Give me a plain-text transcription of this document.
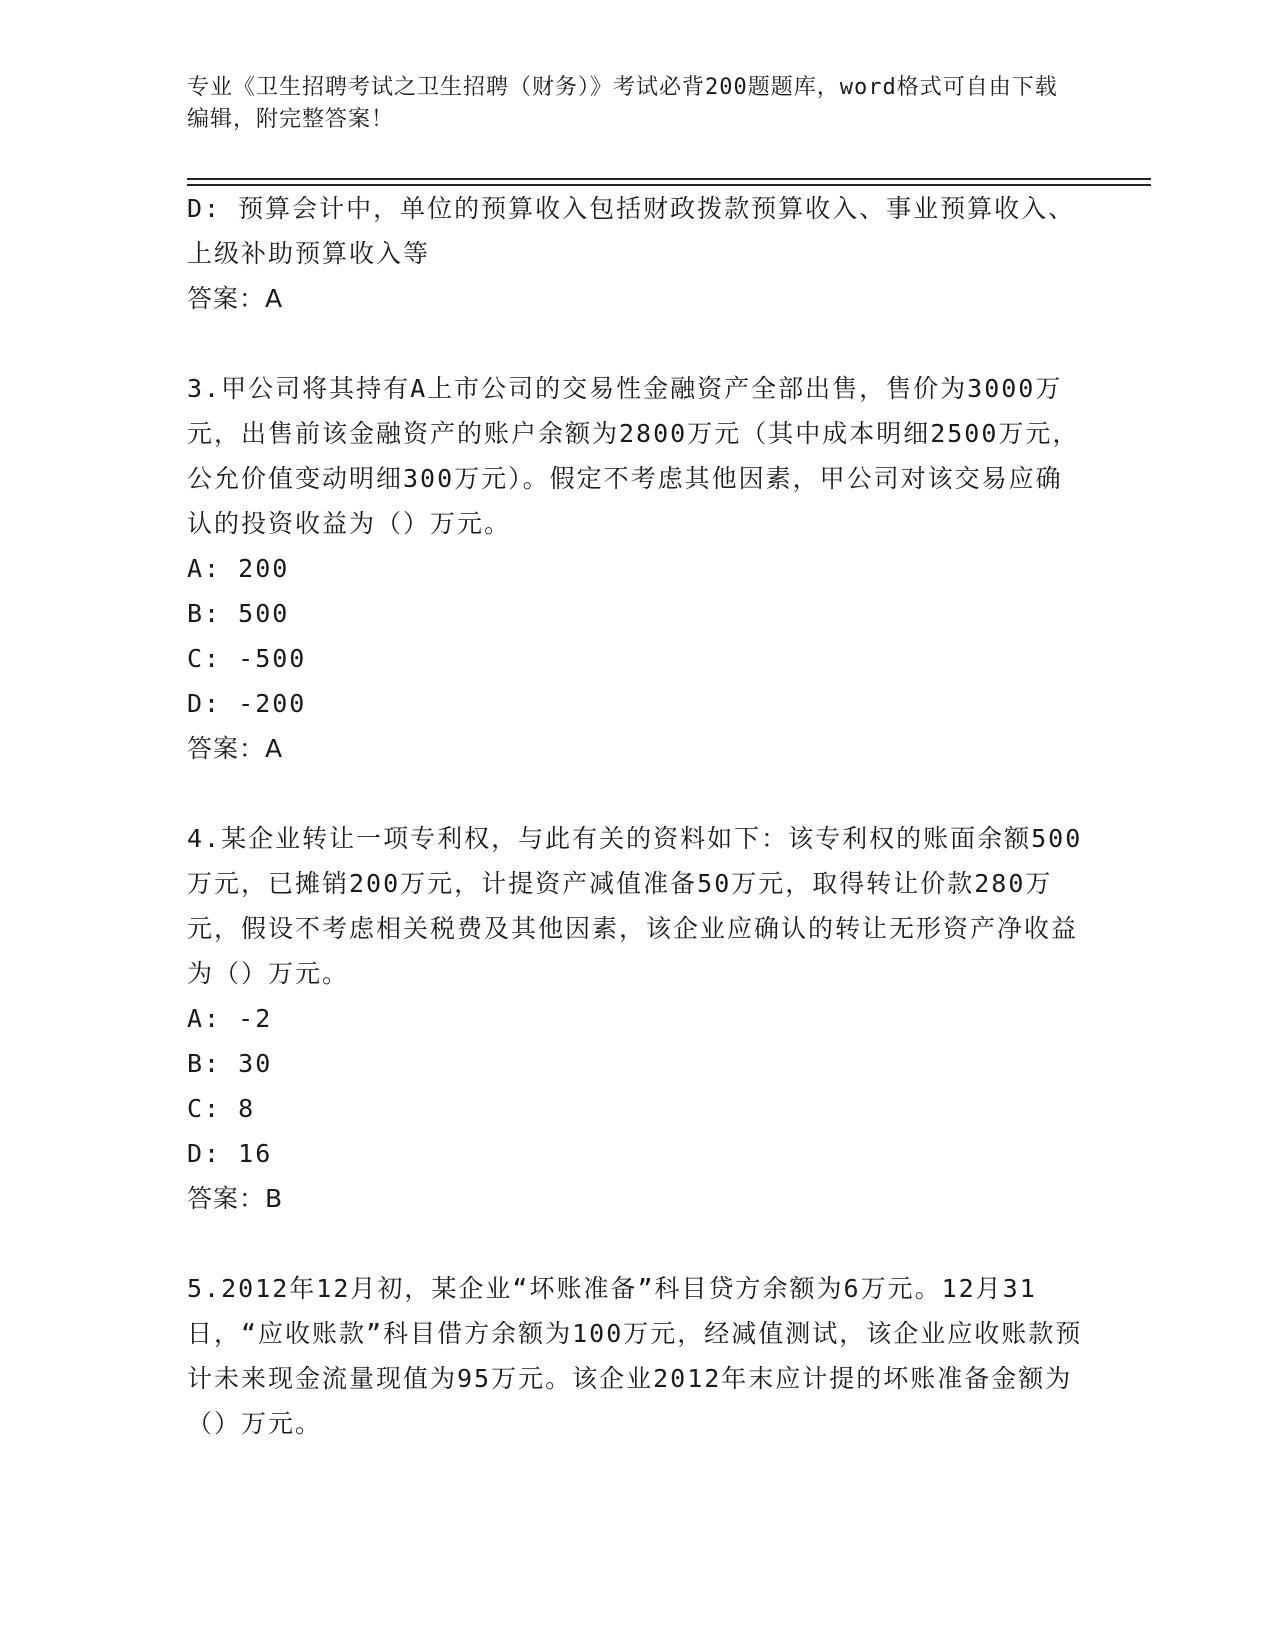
专业《卫生招聘考试之卫生招聘（财务）》考试必背200题题库，word格式可自由下载编辑，附完整答案！

D: 预算会计中，单位的预算收入包括财政拨款预算收入、事业预算收入、上级补助预算收入等

答案：A

3.甲公司将其持有A上市公司的交易性金融资产全部出售，售价为3000万元，出售前该金融资产的账户余额为2800万元（其中成本明细2500万元，公允价值变动明细300万元）。假定不考虑其他因素，甲公司对该交易应确认的投资收益为（）万元。

A: 200

B: 500

C: -500

D: -200

答案：A

4.某企业转让一项专利权，与此有关的资料如下：该专利权的账面余额500万元，已摊销200万元，计提资产减值准备50万元，取得转让价款280万元，假设不考虑相关税费及其他因素，该企业应确认的转让无形资产净收益为（）万元。

A: -2

B: 30

C: 8

D: 16

答案：B

5.2012年12月初，某企业“坏账准备”科目贷方余额为6万元。12月31日，“应收账款”科目借方余额为100万元，经减值测试，该企业应收账款预计未来现金流量现值为95万元。该企业2012年末应计提的坏账准备金额为（）万元。
